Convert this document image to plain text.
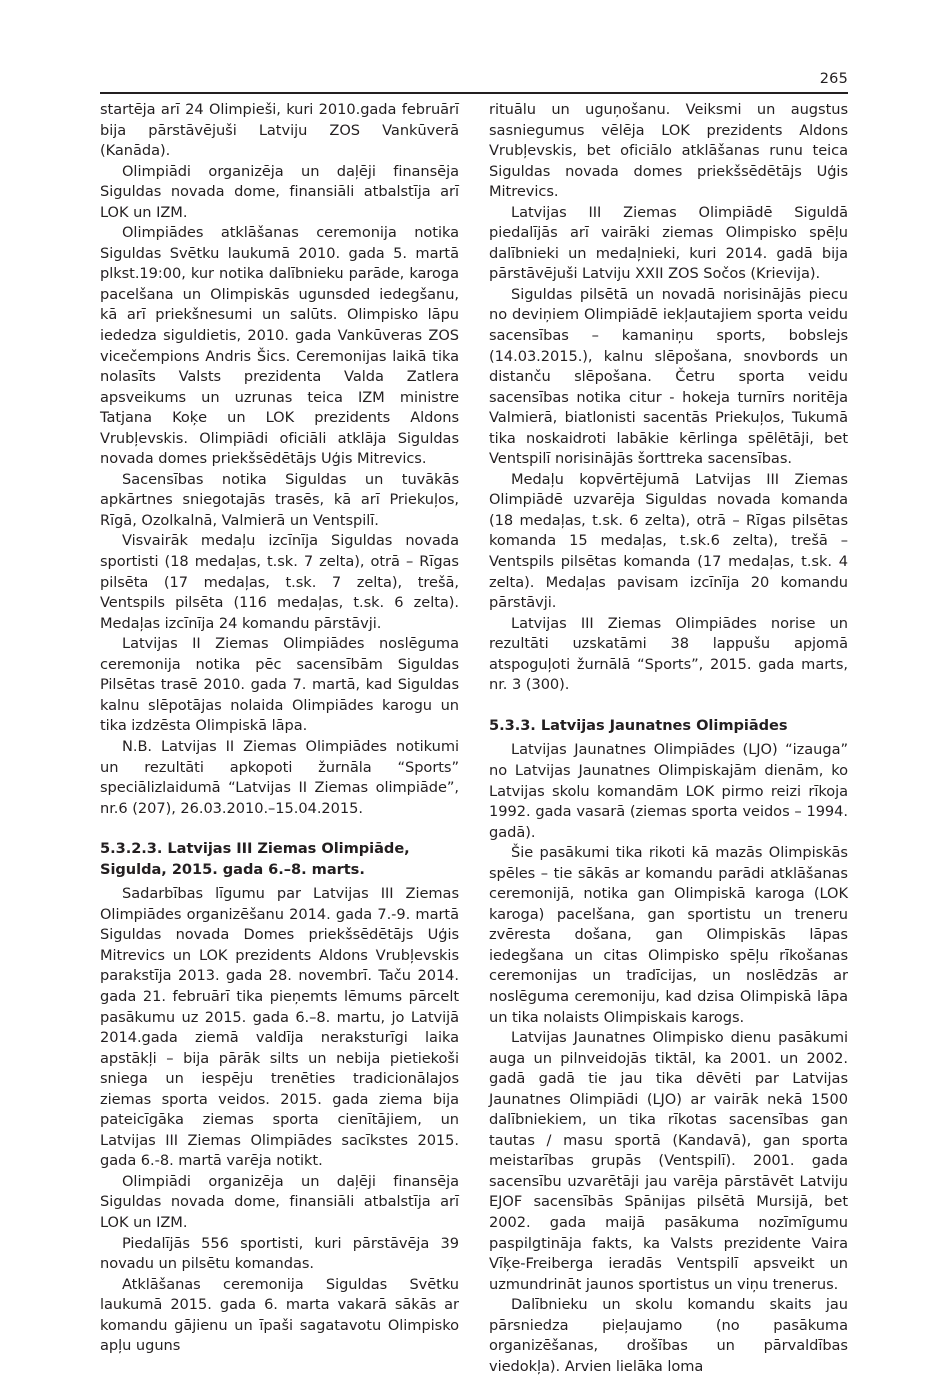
265

startēja arī 24 Olimpieši, kuri 2010.gada februārī bija pārstāvējuši Latviju ZOS Vankūverā (Kanāda).

Olimpiādi organizēja un daļēji finansēja Siguldas novada dome, finansiāli atbalstīja arī LOK un IZM.

Olimpiādes atklāšanas ceremonija notika Siguldas Svētku laukumā 2010. gada 5. martā plkst.19:00, kur notika dalībnieku parāde, karoga pacelšana un Olimpiskās ugunsded iedegšanu, kā arī priekšnesumi un salūts. Olimpisko lāpu iededza siguldietis, 2010. gada Vankūveras ZOS vicečempions Andris Šics. Ceremonijas laikā tika nolasīts Valsts prezidenta Valda Zatlera apsveikums un uzrunas teica IZM ministre Tatjana Koķe un LOK prezidents Aldons Vrubļevskis. Olimpiādi oficiāli atklāja Siguldas novada domes priekšsēdētājs Uģis Mitrevics.

Sacensības notika Siguldas un tuvākās apkārtnes sniegotajās trasēs, kā arī Priekuļos, Rīgā, Ozolkalnā, Valmierā un Ventspilī.

Visvairāk medaļu izcīnīja Siguldas novada sportisti (18 medaļas, t.sk. 7 zelta), otrā – Rīgas pilsēta (17 medaļas, t.sk. 7 zelta), trešā, Ventspils pilsēta (116 medaļas, t.sk. 6 zelta). Medaļas izcīnīja 24 komandu pārstāvji.

Latvijas II Ziemas Olimpiādes noslēguma ceremonija notika pēc sacensībām Siguldas Pilsētas trasē 2010. gada 7. martā, kad Siguldas kalnu slēpotājas nolaida Olimpiādes karogu un tika izdzēsta Olimpiskā lāpa.

N.B. Latvijas II Ziemas Olimpiādes notikumi un rezultāti apkopoti žurnāla “Sports” speciālizlaidumā “Latvijas II Ziemas olimpiāde”, nr.6 (207), 26.03.2010.–15.04.2015.

5.3.2.3. Latvijas III Ziemas Olimpiāde, Sigulda, 2015. gada 6.–8. marts.

Sadarbības līgumu par Latvijas III Ziemas Olimpiādes organizēšanu 2014. gada 7.-9. martā Siguldas novada Domes priekšsēdētājs Uģis Mitrevics un LOK prezidents Aldons Vrubļevskis parakstīja 2013. gada 28. novembrī. Taču 2014. gada 21. februārī tika pieņemts lēmums pārcelt pasākumu uz 2015. gada 6.–8. martu, jo Latvijā 2014.gada ziemā valdīja neraksturīgi laika apstākļi – bija pārāk silts un nebija pietiekoši sniega un iespēju trenēties tradicionālajos ziemas sporta veidos. 2015. gada ziema bija pateicīgāka ziemas sporta cienītājiem, un Latvijas III Ziemas Olimpiādes sacīkstes 2015. gada 6.-8. martā varēja notikt.

Olimpiādi organizēja un daļēji finansēja Siguldas novada dome, finansiāli atbalstīja arī LOK un IZM.

Piedalījās 556 sportisti, kuri pārstāvēja 39 novadu un pilsētu komandas.

Atklāšanas ceremonija Siguldas Svētku laukumā 2015. gada 6. marta vakarā sākās ar komandu gājienu un īpaši sagatavotu Olimpisko apļu uguns

rituālu un uguņošanu. Veiksmi un augstus sasniegumus vēlēja LOK prezidents Aldons Vrubļevskis, bet oficiālo atklāšanas runu teica Siguldas novada domes priekšsēdētājs Uģis Mitrevics.

Latvijas III Ziemas Olimpiādē Siguldā piedalījās arī vairāki ziemas Olimpisko spēļu dalībnieki un medaļnieki, kuri 2014. gadā bija pārstāvējuši Latviju XXII ZOS Sočos (Krievija).

Siguldas pilsētā un novadā norisinājās piecu no deviņiem Olimpiādē iekļautajiem sporta veidu sacensības – kamaniņu sports, bobslejs (14.03.2015.), kalnu slēpošana, snovbords un distanču slēpošana. Četru sporta veidu sacensības notika citur - hokeja turnīrs noritēja Valmierā, biatlonisti sacentās Priekuļos, Tukumā tika noskaidroti labākie kērlinga spēlētāji, bet Ventspilī norisinājās šorttreka sacensības.

Medaļu kopvērtējumā Latvijas III Ziemas Olimpiādē uzvarēja Siguldas novada komanda (18 medaļas, t.sk. 6 zelta), otrā – Rīgas pilsētas komanda 15 medaļas, t.sk.6 zelta), trešā – Ventspils pilsētas komanda (17 medaļas, t.sk. 4 zelta). Medaļas pavisam izcīnīja 20 komandu pārstāvji.

Latvijas III Ziemas Olimpiādes norise un rezultāti uzskatāmi 38 lappušu apjomā atspoguļoti žurnālā “Sports”, 2015. gada marts, nr. 3 (300).

5.3.3. Latvijas Jaunatnes Olimpiādes

Latvijas Jaunatnes Olimpiādes (LJO) “izauga” no Latvijas Jaunatnes Olimpiskajām dienām, ko Latvijas skolu komandām LOK pirmo reizi rīkoja 1992. gada vasarā (ziemas sporta veidos – 1994. gadā).

Šie pasākumi tika rikoti kā mazās Olimpiskās spēles – tie sākās ar komandu parādi atklāšanas ceremonijā, notika gan Olimpiskā karoga (LOK karoga) pacelšana, gan sportistu un treneru zvēresta došana, gan Olimpiskās lāpas iedegšana un citas Olimpisko spēļu rīkošanas ceremonijas un tradīcijas, un noslēdzās ar noslēguma ceremoniju, kad dzisa Olimpiskā lāpa un tika nolaists Olimpiskais karogs.

Latvijas Jaunatnes Olimpisko dienu pasākumi auga un pilnveidojās tiktāl, ka 2001. un 2002. gadā gadā tie jau tika dēvēti par Latvijas Jaunatnes Olimpiādi (LJO) ar vairāk nekā 1500 dalībniekiem, un tika rīkotas sacensības gan tautas / masu sportā (Kandavā), gan sporta meistarības grupās (Ventspilī). 2001. gada sacensību uzvarētāji jau varēja pārstāvēt Latviju EJOF sacensībās Spānijas pilsētā Mursijā, bet 2002. gada maijā pasākuma nozīmīgumu paspilgtināja fakts, ka Valsts prezidente Vaira Vīķe-Freiberga ieradās Ventspilī apsveikt un uzmundrināt jaunos sportistus un viņu trenerus.

Dalībnieku un skolu komandu skaits jau pārsniedza pieļaujamo (no pasākuma organizēšanas, drošības un pārvaldības viedokļa). Arvien lielāka loma
